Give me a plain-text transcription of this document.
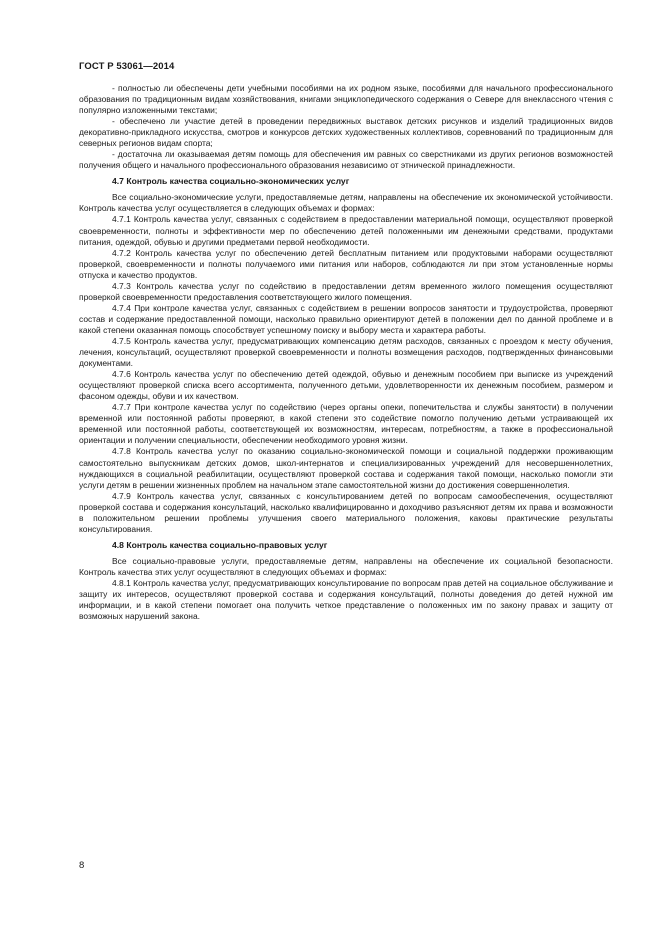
ГОСТ Р 53061—2014

- полностью ли обеспечены дети учебными пособиями на их родном языке, пособиями для начального профессионального образования по традиционным видам хозяйствования, книгами энциклопедического содержания о Севере для внеклассного чтения с популярно изложенными текстами;

- обеспечено ли участие детей в проведении передвижных выставок детских рисунков и изделий традиционных видов декоративно-прикладного искусства, смотров и конкурсов детских художественных коллективов, соревнований по традиционным для северных регионов видам спорта;

- достаточна ли оказываемая детям помощь для обеспечения им равных со сверстниками из других регионов возможностей получения общего и начального профессионального образования независимо от этнической принадлежности.

4.7 Контроль качества социально-экономических услуг

Все социально-экономические услуги, предоставляемые детям, направлены на обеспечение их экономической устойчивости. Контроль качества услуг осуществляется в следующих объемах и формах:

4.7.1 Контроль качества услуг, связанных с содействием в предоставлении материальной помощи, осуществляют проверкой своевременности, полноты и эффективности мер по обеспечению детей положенными им денежными средствами, продуктами питания, одеждой, обувью и другими предметами первой необходимости.

4.7.2 Контроль качества услуг по обеспечению детей бесплатным питанием или продуктовыми наборами осуществляют проверкой, своевременности и полноты получаемого ими питания или наборов, соблюдаются ли при этом установленные нормы отпуска и качество продуктов.

4.7.3 Контроль качества услуг по содействию в предоставлении детям временного жилого помещения осуществляют проверкой своевременности предоставления соответствующего жилого помещения.

4.7.4 При контроле качества услуг, связанных с содействием в решении вопросов занятости и трудоустройства, проверяют состав и содержание предоставленной помощи, насколько правильно ориентируют детей в положении дел по данной проблеме и в какой степени оказанная помощь способствует успешному поиску и выбору места и характера работы.

4.7.5 Контроль качества услуг, предусматривающих компенсацию детям расходов, связанных с проездом к месту обучения, лечения, консультаций, осуществляют проверкой своевременности и полноты возмещения расходов, подтвержденных финансовыми документами.

4.7.6 Контроль качества услуг по обеспечению детей одеждой, обувью и денежным пособием при выписке из учреждений осуществляют проверкой списка всего ассортимента, полученного детьми, удовлетворенности их денежным пособием, размером и фасоном одежды, обуви и их качеством.

4.7.7 При контроле качества услуг по содействию (через органы опеки, попечительства и службы занятости) в получении временной или постоянной работы проверяют, в какой степени это содействие помогло получению детьми устраивающей их временной или постоянной работы, соответствующей их возможностям, интересам, потребностям, а также в профессиональной ориентации и получении специальности, обеспечении необходимого уровня жизни.

4.7.8 Контроль качества услуг по оказанию социально-экономической помощи и социальной поддержки проживающим самостоятельно выпускникам детских домов, школ-интернатов и специализированных учреждений для несовершеннолетних, нуждающихся в социальной реабилитации, осуществляют проверкой состава и содержания такой помощи, насколько помогли эти услуги детям в решении жизненных проблем на начальном этапе самостоятельной жизни до достижения совершеннолетия.

4.7.9 Контроль качества услуг, связанных с консультированием детей по вопросам самообеспечения, осуществляют проверкой состава и содержания консультаций, насколько квалифицированно и доходчиво разъясняют детям их права и возможности в положительном решении проблемы улучшения своего материального положения, каковы практические результаты консультирования.

4.8 Контроль качества социально-правовых услуг

Все социально-правовые услуги, предоставляемые детям, направлены на обеспечение их социальной безопасности. Контроль качества этих услуг осуществляют в следующих объемах и формах:

4.8.1 Контроль качества услуг, предусматривающих консультирование по вопросам прав детей на социальное обслуживание и защиту их интересов, осуществляют проверкой состава и содержания консультаций, полноты доведения до детей нужной им информации, и в какой степени помогает она получить четкое представление о положенных им по закону правах и защиту от возможных нарушений закона.

8
